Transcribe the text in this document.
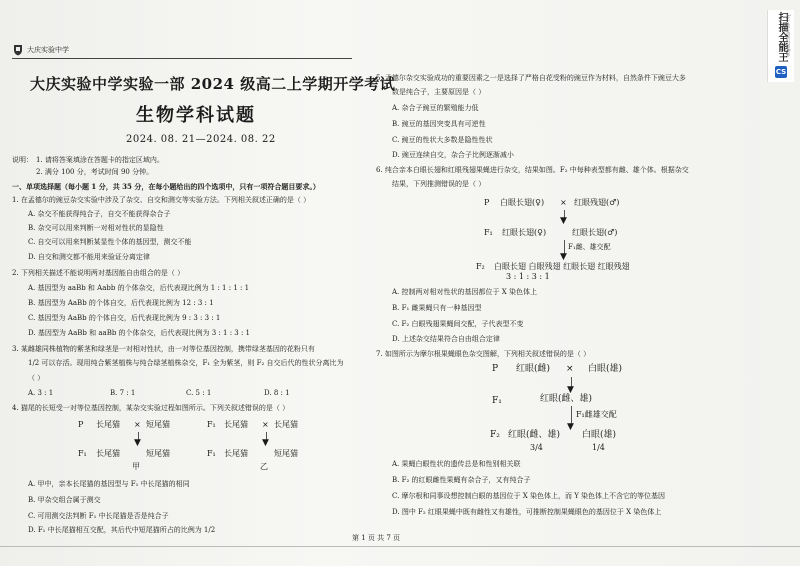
大庆实验中学
大庆实验中学实验一部 2024 级高二上学期开学考试
生物学科试题
2024. 08. 21—2024. 08. 22
说明： 1. 请将答案填涂在答题卡的指定区域内。
2. 满分 100 分，考试时间 90 分钟。
一、单项选择题（每小题 1 分，共 35 分，在每小题给出的四个选项中，只有一项符合题目要求。）
1. 在孟德尔的豌豆杂交实验中涉及了杂交、自交和测交等实验方法。下列相关叙述正确的是（ ）
A. 杂交不能获得纯合子，自交不能获得杂合子
B. 杂交可以用来判断一对相对性状的显隐性
C. 自交可以用来判断某显性个体的基因型，测交不能
D. 自交和测交都不能用来验证分离定律
2. 下列相关描述不能说明两对基因能自由组合的是（ ）
A. 基因型为 aaBb 和 Aabb 的个体杂交，后代表现比例为 1 : 1 : 1 : 1
B. 基因型为 AaBb 的个体自交，后代表现比例为 12 : 3 : 1
C. 基因型为 AaBb 的个体自交，后代表现比例为 9 : 3 : 3 : 1
D. 基因型为 AaBb 和 aaBb 的个体杂交，后代表现比例为 3 : 1 : 3 : 1
3. 某雌雄同株植物的紫茎和绿茎是一对相对性状，由一对等位基因控制，携带绿茎基因的花粉只有
1/2 可以存活。现用纯合紫茎植株与纯合绿茎植株杂交，F₁ 全为紫茎，则 F₂ 自交后代的性状分离比为
（ ）
A. 3 : 1	B. 7 : 1	C. 5 : 1	D. 8 : 1
4. 猫尾的长短受一对等位基因控制，某杂交实验过程如图所示。下列关叙述错误的是（ ）
P 长尾猫 × 短尾猫
▼
F₁ 长尾猫	短尾猫
甲
F₁ 长尾猫 × 长尾猫
▼
F₁ 长尾猫	短尾猫
乙
A. 甲中，亲本长尾猫的基因型与 F₁ 中长尾猫的相同
B. 甲杂交组合属于测交
C. 可用测交法判断 F₁ 中长尾猫是否是纯合子
D. F₁ 中长尾猫相互交配，其后代中短尾猫所占的比例为 1/2
第 1 页 共 7 页
5. 孟德尔杂交实验成功的重要因素之一是选择了严格自花受粉的豌豆作为材料，自然条件下豌豆大多
数是纯合子，主要原因是（ ）
A. 杂合子豌豆的繁殖能力低
B. 豌豆的基因突变具有可逆性
C. 豌豆的性状大多数是隐性性状
D. 豌豆连续自交，杂合子比例逐渐减小
6. 纯合亲本白眼长翅和红眼残翅果蝇进行杂交，结果如图。F₂ 中每种表型都有雌、雄个体。根据杂交
结果，下列推测错误的是（ ）
P 白眼长翅(♀) × 红眼残翅(♂)
▼
F₁ 红眼长翅(♀)	红眼长翅(♂)
F₁雌、雄交配
▼
F₂ 白眼长翅 白眼残翅 红眼长翅 红眼残翅
3 : 1 : 3 : 1
A. 控制两对相对性状的基因都位于 X 染色体上
B. F₁ 雌果蝇只有一种基因型
C. F₂ 白眼残翅果蝇间交配，子代表型不变
D. 上述杂交结果符合自由组合定律
7. 如图所示为摩尔根果蝇眼色杂交图解，下列相关叙述错误的是（ ）
P 红眼(雌) × 白眼(雄)
▼
F₁	红眼(雌、雄)
F₁雌雄交配
▼
F₂ 红眼(雌、雄) 白眼(雄)
3/4	1/4
A. 果蝇白眼性状的遗传总是和性别相关联
B. F₂ 的红眼雌性果蝇有杂合子，又有纯合子
C. 摩尔根和同事设想控制白眼的基因位于 X 染色体上，而 Y 染色体上不含它的等位基因
D. 图中 F₂ 红眼果蝇中既有雌性又有雄性，可推断控制果蝇眼色的基因位于 X 染色体上
扫描全能王 3亿人都在用的扫描App
CS
